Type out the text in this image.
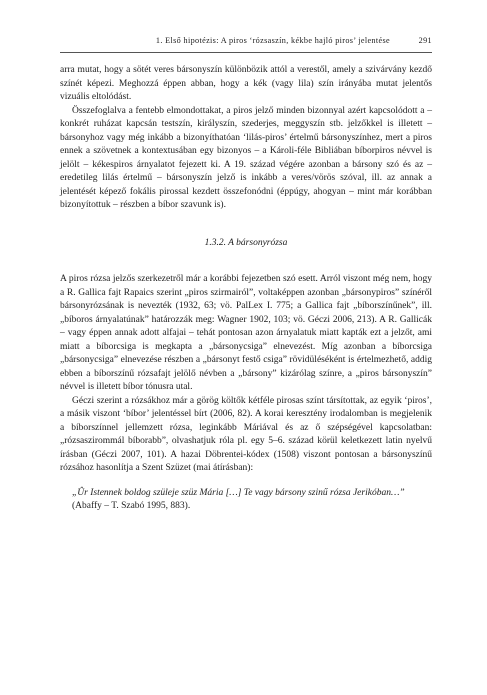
1. Első hipotézis: A piros ‘rózsaszín, kékbe hajló piros’ jelentése	291

arra mutat, hogy a sötét veres bársonyszín különbözik attól a verestől, amely a szivárvány kezdő színét képezi. Meghozzá éppen abban, hogy a kék (vagy lila) szín irányába mutat jelentős vizuális eltolódást.

Összefoglalva a fentebb elmondottakat, a piros jelző minden bizonnyal azért kapcsolódott a – konkrét ruházat kapcsán testszín, királyszín, szederjes, meggyszín stb. jelzőkkel is illetett – bársonyhoz vagy még inkább a bizonyíthatóan ‘lilás-piros’ értelmű bársonyszínhez, mert a piros ennek a szövetnek a kontextusában egy bizonyos – a Károli-féle Bibliában bíborpiros névvel is jelölt – kékespiros árnyalatot fejezett ki. A 19. század végére azonban a bársony szó és az – eredetileg lilás értelmű – bársonyszín jelző is inkább a veres/vörös szóval, ill. az annak a jelentését képező fokális pirossal kezdett összefonódni (éppúgy, ahogyan – mint már korábban bizonyítottuk – részben a bíbor szavunk is).

1.3.2. A bársonyrózsa

A piros rózsa jelzős szerkezetről már a korábbi fejezetben szó esett. Arról viszont még nem, hogy a R. Gallica fajt Rapaics szerint „piros szirmairól”, voltaképpen azonban „bársonypiros” színéről bársonyrózsának is nevezték (1932, 63; vö. PalLex I. 775; a Gallica fajt „bíborszínűnek”, ill. „bíboros árnyalatúnak” határozzák meg: Wagner 1902, 103; vö. Géczi 2006, 213). A R. Gallicák – vagy éppen annak adott alfajai – tehát pontosan azon árnyalatuk miatt kapták ezt a jelzőt, ami miatt a bíborcsiga is megkapta a „bársonycsiga” elnevezést. Míg azonban a bíborcsiga „bársonycsiga” elnevezése részben a „bársonyt festő csiga” rövidüléséként is értelmezhető, addig ebben a bíborszínű rózsafajt jelölő névben a „bársony” kizárólag színre, a „piros bársonyszín” névvel is illetett bíbor tónusra utal.

Géczi szerint a rózsákhoz már a görög költők kétféle pirosas színt társítottak, az egyik ‘piros’, a másik viszont ‘bíbor’ jelentéssel bírt (2006, 82). A korai keresztény irodalomban is megjelenik a bíborszínnel jellemzett rózsa, leginkább Máriával és az ő szépségével kapcsolatban: „rózsaszirommál bíborabb”, olvashatjuk róla pl. egy 5–6. század körül keletkezett latin nyelvű írásban (Géczi 2007, 101). A hazai Döbrentei-kódex (1508) viszont pontosan a bársonyszínű rózsához hasonlítja a Szent Szüzet (mai átírásban):

„Ûr Istennek boldog szüleje szüz Mária […] Te vagy bársony szinű rózsa Jerikóban…”

(Abaffy – T. Szabó 1995, 883).
